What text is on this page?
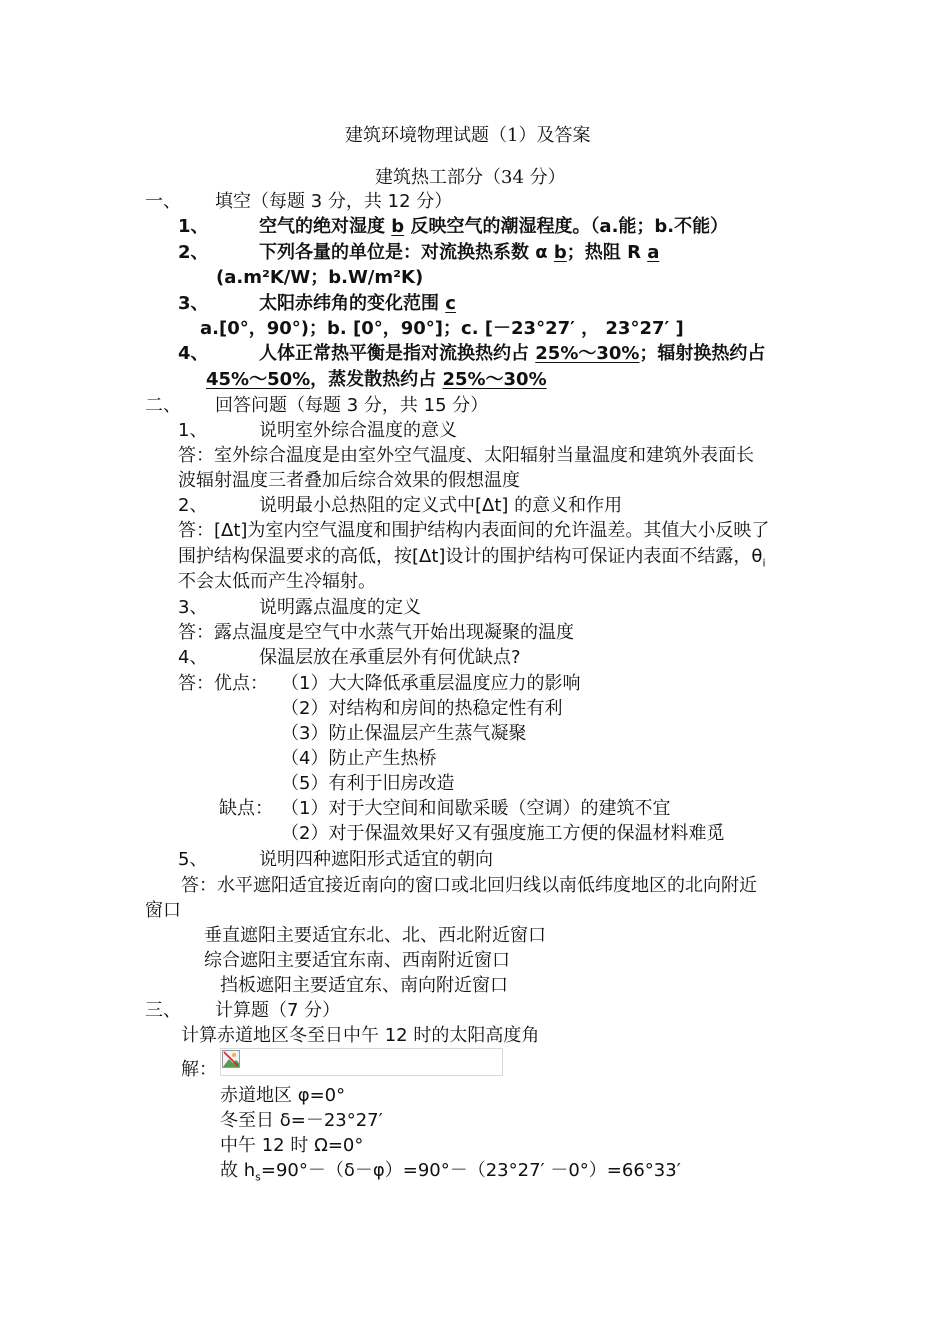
建筑环境物理试题（1）及答案
建筑热工部分（34 分）
一、 填空（每题 3 分，共 12 分）
1、	空气的绝对湿度 b 反映空气的潮湿程度。（a.能；b.不能）
2、	下列各量的单位是：对流换热系数 α b；热阻 R a
(a.m²K/W；b.W/m²K)
3、	太阳赤纬角的变化范围 c
a.[0°，90°)；b. [0°，90°]；c. [－23°27′ ， 23°27′ ]
4、	人体正常热平衡是指对流换热约占 25%～30%；辐射换热约占
45%～50%，蒸发散热约占 25%～30%
二、 回答问题（每题 3 分，共 15 分）
1、	说明室外综合温度的意义
答：室外综合温度是由室外空气温度、太阳辐射当量温度和建筑外表面长
波辐射温度三者叠加后综合效果的假想温度
2、	说明最小总热阻的定义式中[Δt] 的意义和作用
答：[Δt]为室内空气温度和围护结构内表面间的允许温差。其值大小反映了
围护结构保温要求的高低，按[Δt]设计的围护结构可保证内表面不结露，$\theta_i$
不会太低而产生冷辐射。
3、	说明露点温度的定义
答：露点温度是空气中水蒸气开始出现凝聚的温度
4、	保温层放在承重层外有何优缺点?
答：优点： （1）大大降低承重层温度应力的影响
（2）对结构和房间的热稳定性有利
（3）防止保温层产生蒸气凝聚
（4）防止产生热桥
（5）有利于旧房改造
缺点： （1）对于大空间和间歇采暖（空调）的建筑不宜
（2）对于保温效果好又有强度施工方便的保温材料难觅
5、	说明四种遮阳形式适宜的朝向
答：水平遮阳适宜接近南向的窗口或北回归线以南低纬度地区的北向附近
窗口
垂直遮阳主要适宜东北、北、西北附近窗口
综合遮阳主要适宜东南、西南附近窗口
挡板遮阳主要适宜东、南向附近窗口
三、 计算题（7 分）
计算赤道地区冬至日中午 12 时的太阳高度角
解：
赤道地区 φ=0°
冬至日 δ=－23°27′
中午 12 时 Ω=0°
故 $h_s=90^\circ-(\delta-\varphi)=90^\circ-(23^\circ 27' -0^\circ)=66^\circ 33'$
